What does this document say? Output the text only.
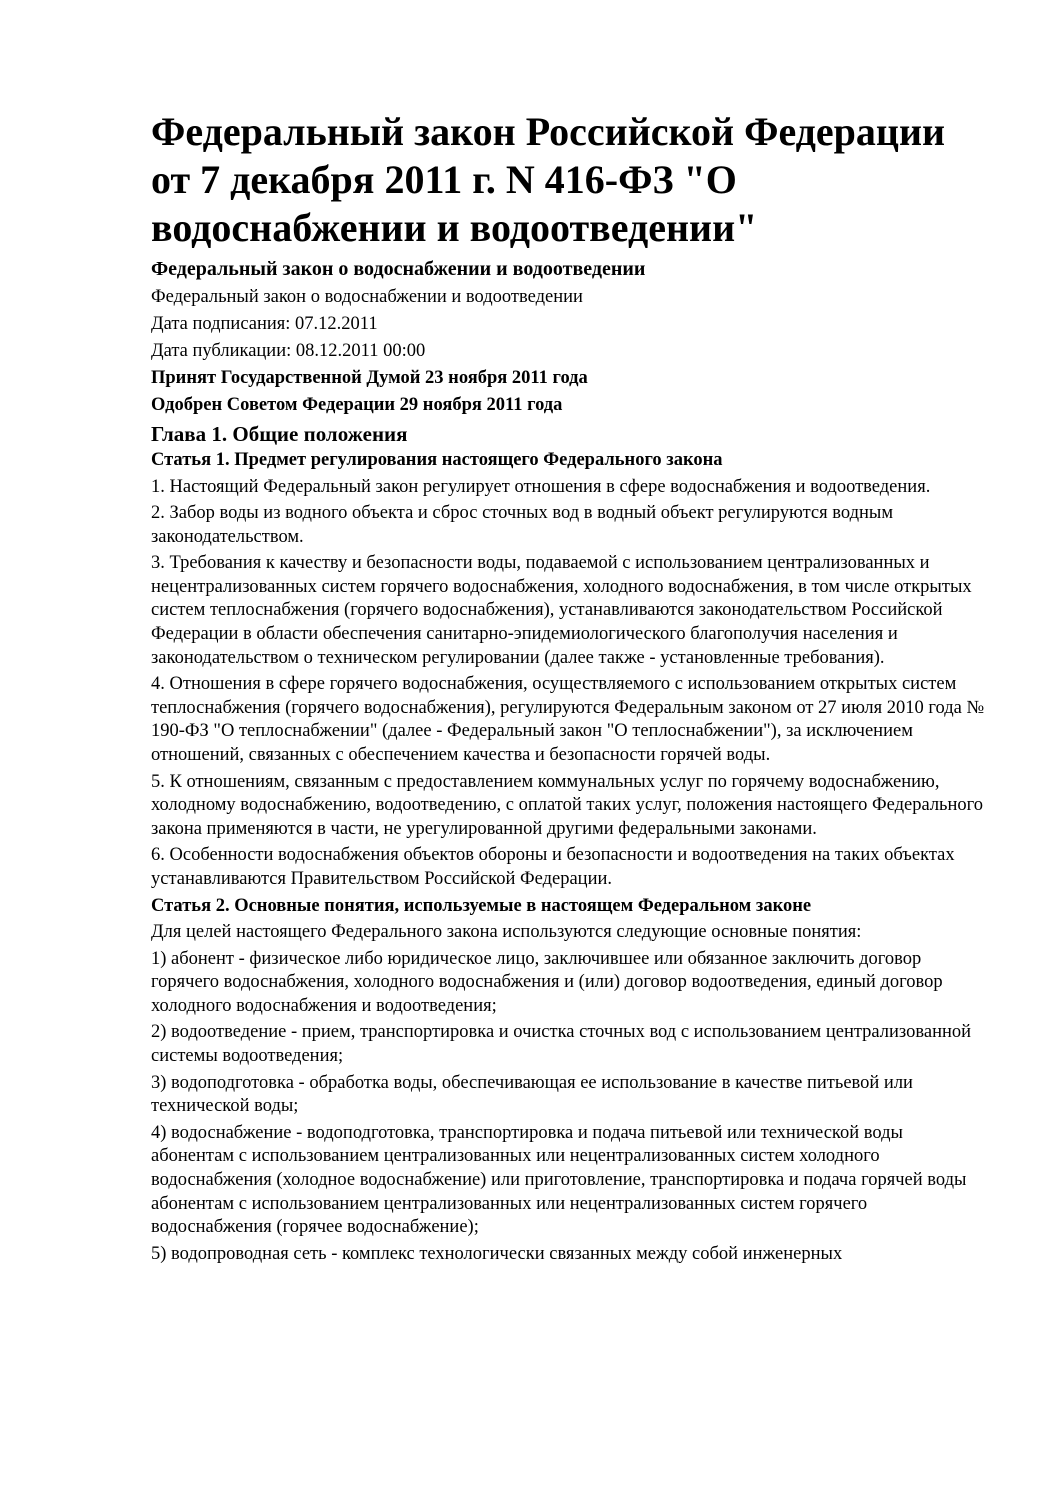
Федеральный закон Российской Федерации от 7 декабря 2011 г. N 416-ФЗ "О водоснабжении и водоотведении"
Федеральный закон о водоснабжении и водоотведении
Федеральный закон о водоснабжении и водоотведении
Дата подписания: 07.12.2011
Дата публикации: 08.12.2011 00:00
Принят Государственной Думой 23 ноября 2011 года
Одобрен Советом Федерации 29 ноября 2011 года
Глава 1. Общие положения
Статья 1. Предмет регулирования настоящего Федерального закона
1. Настоящий Федеральный закон регулирует отношения в сфере водоснабжения и водоотведения.
2. Забор воды из водного объекта и сброс сточных вод в водный объект регулируются водным законодательством.
3. Требования к качеству и безопасности воды, подаваемой с использованием централизованных и нецентрализованных систем горячего водоснабжения, холодного водоснабжения, в том числе открытых систем теплоснабжения (горячего водоснабжения), устанавливаются законодательством Российской Федерации в области обеспечения санитарно-эпидемиологического благополучия населения и законодательством о техническом регулировании (далее также - установленные требования).
4. Отношения в сфере горячего водоснабжения, осуществляемого с использованием открытых систем теплоснабжения (горячего водоснабжения), регулируются Федеральным законом от 27 июля 2010 года № 190-ФЗ "О теплоснабжении" (далее - Федеральный закон "О теплоснабжении"), за исключением отношений, связанных с обеспечением качества и безопасности горячей воды.
5. К отношениям, связанным с предоставлением коммунальных услуг по горячему водоснабжению, холодному водоснабжению, водоотведению, с оплатой таких услуг, положения настоящего Федерального закона применяются в части, не урегулированной другими федеральными законами.
6. Особенности водоснабжения объектов обороны и безопасности и водоотведения на таких объектах устанавливаются Правительством Российской Федерации.
Статья 2. Основные понятия, используемые в настоящем Федеральном законе
Для целей настоящего Федерального закона используются следующие основные понятия:
1) абонент - физическое либо юридическое лицо, заключившее или обязанное заключить договор горячего водоснабжения, холодного водоснабжения и (или) договор водоотведения, единый договор холодного водоснабжения и водоотведения;
2) водоотведение - прием, транспортировка и очистка сточных вод с использованием централизованной системы водоотведения;
3) водоподготовка - обработка воды, обеспечивающая ее использование в качестве питьевой или технической воды;
4) водоснабжение - водоподготовка, транспортировка и подача питьевой или технической воды абонентам с использованием централизованных или нецентрализованных систем холодного водоснабжения (холодное водоснабжение) или приготовление, транспортировка и подача горячей воды абонентам с использованием централизованных или нецентрализованных систем горячего водоснабжения (горячее водоснабжение);
5) водопроводная сеть - комплекс технологически связанных между собой инженерных
